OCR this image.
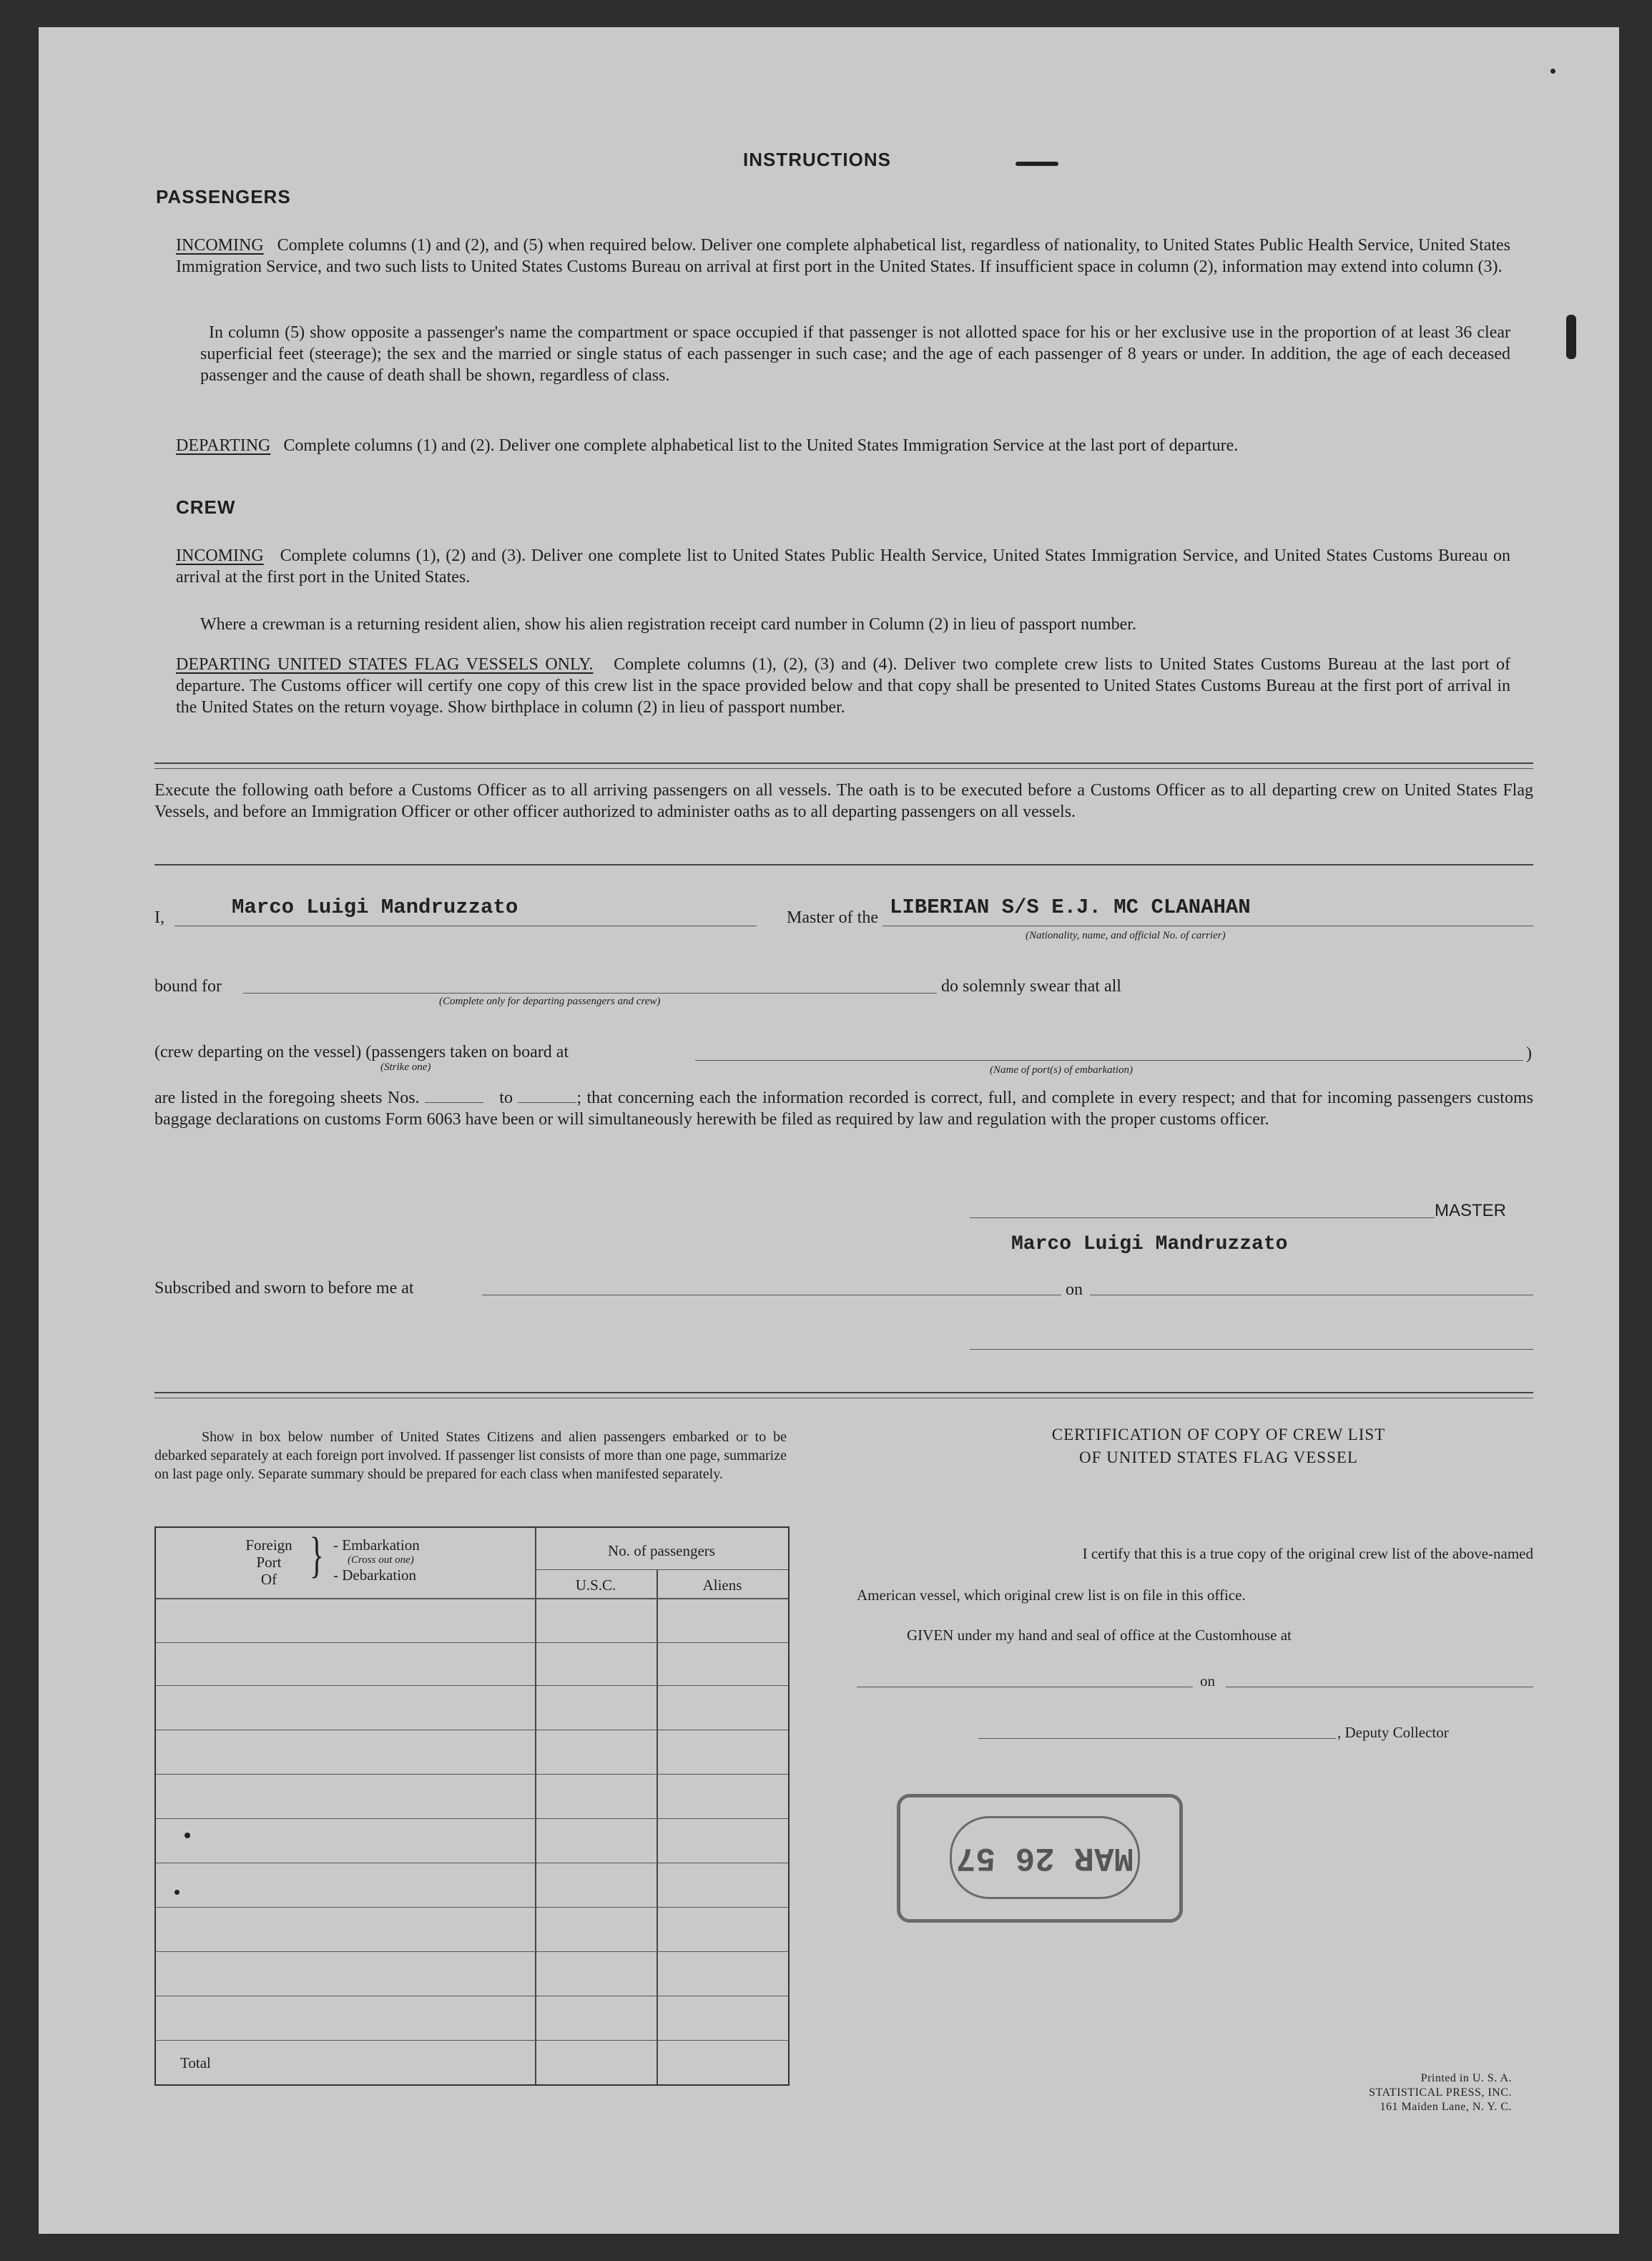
INSTRUCTIONS
PASSENGERS
INCOMING Complete columns (1) and (2), and (5) when required below. Deliver one complete alphabetical list, regardless of nationality, to United States Public Health Service, United States Immigration Service, and two such lists to United States Customs Bureau on arrival at first port in the United States. If insufficient space in column (2), information may extend into column (3).
In column (5) show opposite a passenger's name the compartment or space occupied if that passenger is not allotted space for his or her exclusive use in the proportion of at least 36 clear superficial feet (steerage); the sex and the married or single status of each passenger in such case; and the age of each passenger of 8 years or under. In addition, the age of each deceased passenger and the cause of death shall be shown, regardless of class.
DEPARTING Complete columns (1) and (2). Deliver one complete alphabetical list to the United States Immigration Service at the last port of departure.
CREW
INCOMING Complete columns (1), (2) and (3). Deliver one complete list to United States Public Health Service, United States Immigration Service, and United States Customs Bureau on arrival at the first port in the United States.
Where a crewman is a returning resident alien, show his alien registration receipt card number in Column (2) in lieu of passport number.
DEPARTING UNITED STATES FLAG VESSELS ONLY. Complete columns (1), (2), (3) and (4). Deliver two complete crew lists to United States Customs Bureau at the last port of departure. The Customs officer will certify one copy of this crew list in the space provided below and that copy shall be presented to United States Customs Bureau at the first port of arrival in the United States on the return voyage. Show birthplace in column (2) in lieu of passport number.
Execute the following oath before a Customs Officer as to all arriving passengers on all vessels. The oath is to be executed before a Customs Officer as to all departing crew on United States Flag Vessels, and before an Immigration Officer or other officer authorized to administer oaths as to all departing passengers on all vessels.
I,	Marco Luigi Mandruzzato	Master of the LIBERIAN S/S E.J. MC CLANAHAN
(Nationality, name, and official No. of carrier)
bound for
(Complete only for departing passengers and crew)
do solemnly swear that all
(crew departing on the vessel) (passengers taken on board at
(Strike one)	(Name of port(s) of embarkation)
)
are listed in the foregoing sheets Nos.	to	; that concerning each the information recorded is correct, full, and complete in every respect; and that for incoming passengers customs baggage declarations on customs Form 6063 have been or will simultaneously herewith be filed as required by law and regulation with the proper customs officer.
MASTER
Marco Luigi Mandruzzato
Subscribed and sworn to before me at	on
Show in box below number of United States Citizens and alien passengers embarked or to be debarked separately at each foreign port involved. If passenger list consists of more than one page, summarize on last page only. Separate summary should be prepared for each class when manifested separately.
Foreign
Port
Of } - Embarkation
(Cross out one)
- Debarkation
No. of passengers
U.S.C.	Aliens
Total
CERTIFICATION OF COPY OF CREW LIST
OF UNITED STATES FLAG VESSEL
I certify that this is a true copy of the original crew list of the above-named
American vessel, which original crew list is on file in this office.
GIVEN under my hand and seal of office at the Customhouse at
on
, Deputy Collector
MAR 26 57
Printed in U. S. A.
STATISTICAL PRESS, INC.
161 Maiden Lane, N. Y. C.
